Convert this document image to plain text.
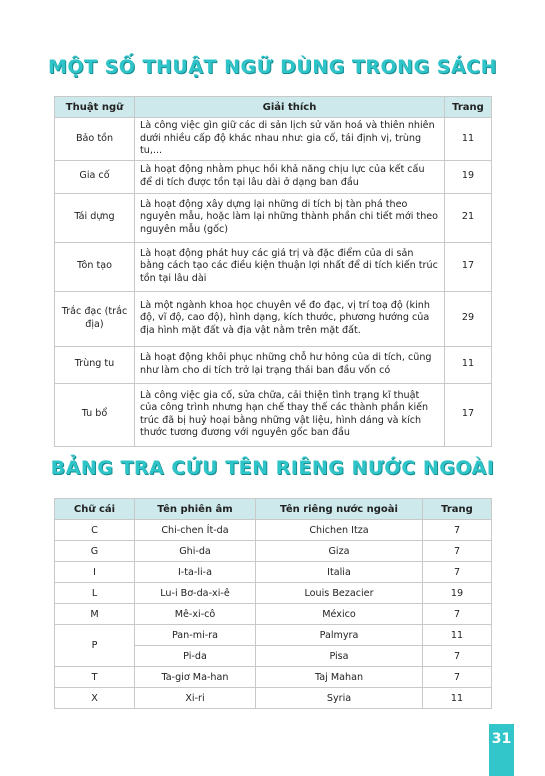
MỘT SỐ THUẬT NGỮ DÙNG TRONG SÁCH
Thuật ngữ	Giải thích	Trang
Bảo tồn	Là công việc gìn giữ các di sản lịch sử văn hoá và thiên nhiên dưới nhiều cấp độ khác nhau như: gia cố, tái định vị, trùng tu,...	11
Gia cố	Là hoạt động nhằm phục hồi khả năng chịu lực của kết cấu để di tích được tồn tại lâu dài ở dạng ban đầu	19
Tái dựng	Là hoạt động xây dựng lại những di tích bị tàn phá theo nguyên mẫu, hoặc làm lại những thành phần chi tiết mới theo nguyên mẫu (gốc)	21
Tôn tạo	Là hoạt động phát huy các giá trị và đặc điểm của di sản bằng cách tạo các điều kiện thuận lợi nhất để di tích kiến trúc tồn tại lâu dài	17
Trắc đạc (trắc địa)	Là một ngành khoa học chuyên về đo đạc, vị trí toạ độ (kinh độ, vĩ độ, cao độ), hình dạng, kích thước, phương hướng của địa hình mặt đất và địa vật nằm trên mặt đất.	29
Trùng tu	Là hoạt động khôi phục những chỗ hư hỏng của di tích, cũng như làm cho di tích trở lại trạng thái ban đầu vốn có	11
Tu bổ	Là công việc gia cố, sửa chữa, cải thiện tình trạng kĩ thuật của công trình nhưng hạn chế thay thế các thành phần kiến trúc đã bị huỷ hoại bằng những vật liệu, hình dáng và kích thước tương đương với nguyên gốc ban đầu	17
BẢNG TRA CỨU TÊN RIÊNG NƯỚC NGOÀI
Chữ cái	Tên phiên âm	Tên riêng nước ngoài	Trang
C	Chi-chen Ít-da	Chichen Itza	7
G	Ghi-da	Giza	7
I	I-ta-li-a	Italia	7
L	Lu-i Bơ-da-xi-ê	Louis Bezacier	19
M	Mê-xi-cô	México	7
P	Pan-mi-ra	Palmyra	11
	Pi-da	Pisa	7
T	Ta-giơ Ma-han	Taj Mahan	7
X	Xi-ri	Syria	11
31
